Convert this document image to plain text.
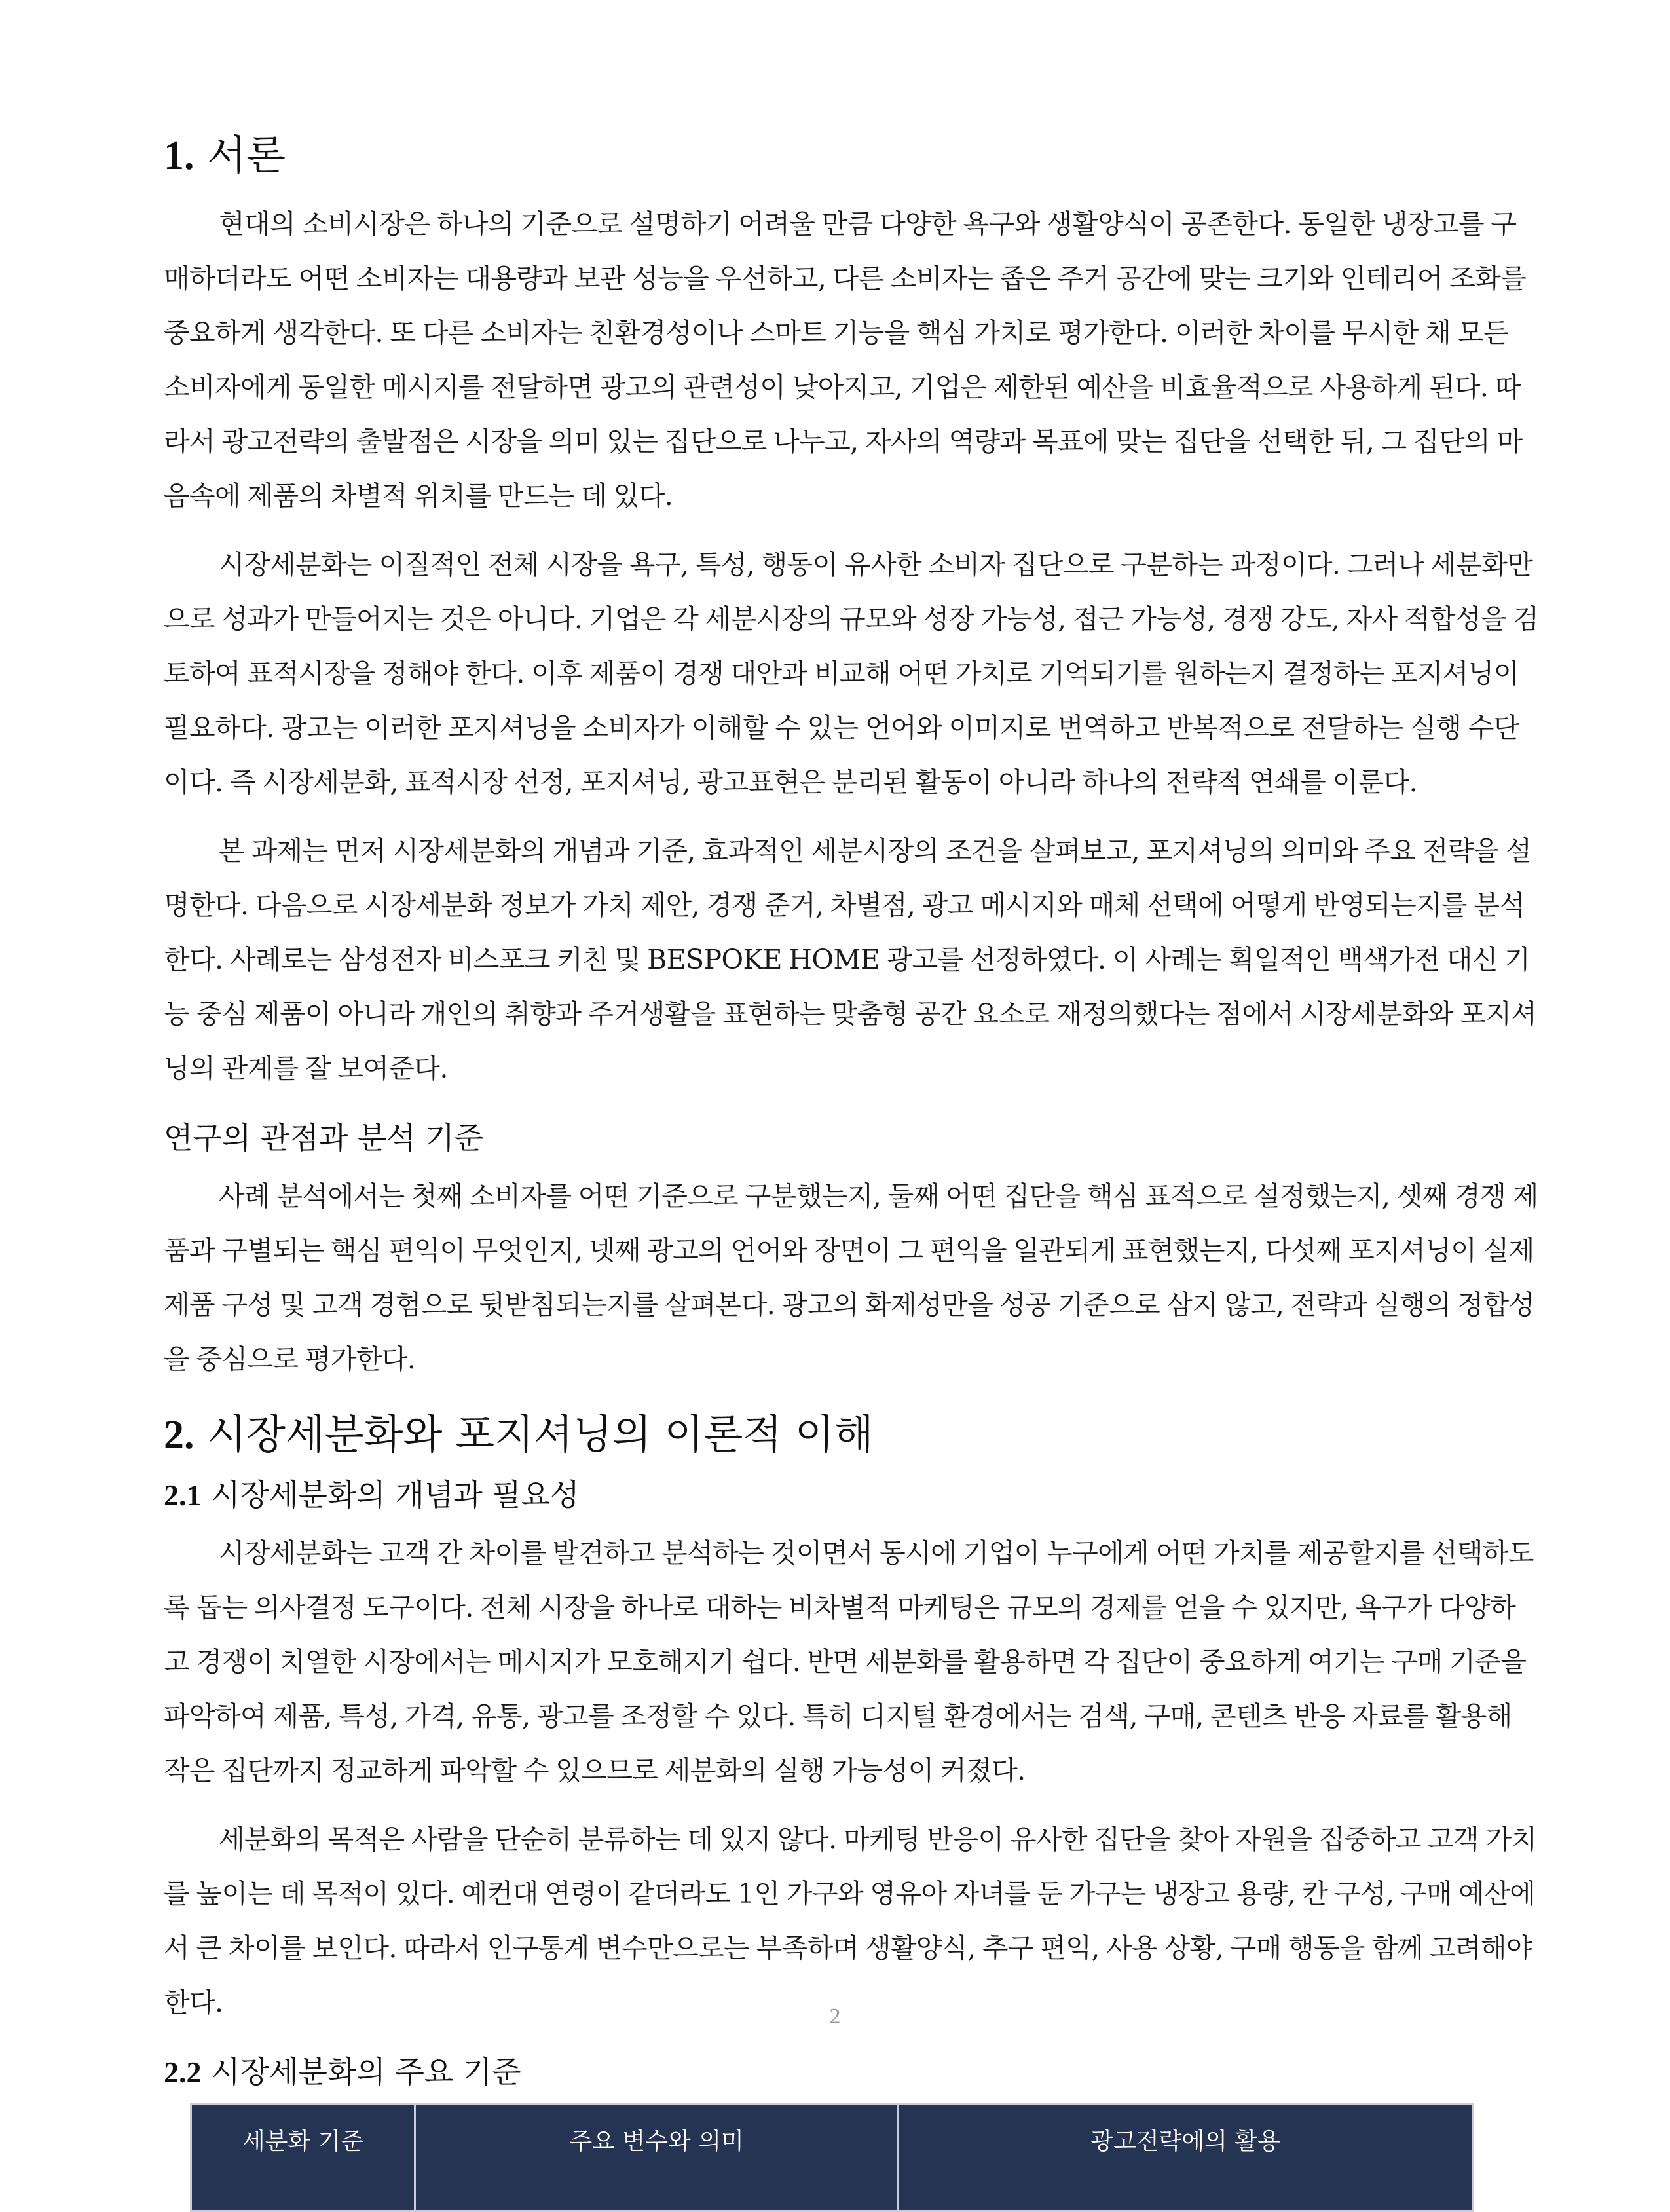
1. 서론

현대의 소비시장은 하나의 기준으로 설명하기 어려울 만큼 다양한 욕구와 생활양식이 공존한다. 동일한 냉장고를 구매하더라도 어떤 소비자는 대용량과 보관 성능을 우선하고, 다른 소비자는 좁은 주거 공간에 맞는 크기와 인테리어 조화를 중요하게 생각한다. 또 다른 소비자는 친환경성이나 스마트 기능을 핵심 가치로 평가한다. 이러한 차이를 무시한 채 모든 소비자에게 동일한 메시지를 전달하면 광고의 관련성이 낮아지고, 기업은 제한된 예산을 비효율적으로 사용하게 된다. 따라서 광고전략의 출발점은 시장을 의미 있는 집단으로 나누고, 자사의 역량과 목표에 맞는 집단을 선택한 뒤, 그 집단의 마음속에 제품의 차별적 위치를 만드는 데 있다.

시장세분화는 이질적인 전체 시장을 욕구, 특성, 행동이 유사한 소비자 집단으로 구분하는 과정이다. 그러나 세분화만으로 성과가 만들어지는 것은 아니다. 기업은 각 세분시장의 규모와 성장 가능성, 접근 가능성, 경쟁 강도, 자사 적합성을 검토하여 표적시장을 정해야 한다. 이후 제품이 경쟁 대안과 비교해 어떤 가치로 기억되기를 원하는지 결정하는 포지셔닝이 필요하다. 광고는 이러한 포지셔닝을 소비자가 이해할 수 있는 언어와 이미지로 번역하고 반복적으로 전달하는 실행 수단이다. 즉 시장세분화, 표적시장 선정, 포지셔닝, 광고표현은 분리된 활동이 아니라 하나의 전략적 연쇄를 이룬다.

본 과제는 먼저 시장세분화의 개념과 기준, 효과적인 세분시장의 조건을 살펴보고, 포지셔닝의 의미와 주요 전략을 설명한다. 다음으로 시장세분화 정보가 가치 제안, 경쟁 준거, 차별점, 광고 메시지와 매체 선택에 어떻게 반영되는지를 분석한다. 사례로는 삼성전자 비스포크 키친 및 BESPOKE HOME 광고를 선정하였다. 이 사례는 획일적인 백색가전 대신 기능 중심 제품이 아니라 개인의 취향과 주거생활을 표현하는 맞춤형 공간 요소로 재정의했다는 점에서 시장세분화와 포지셔닝의 관계를 잘 보여준다.

연구의 관점과 분석 기준

사례 분석에서는 첫째 소비자를 어떤 기준으로 구분했는지, 둘째 어떤 집단을 핵심 표적으로 설정했는지, 셋째 경쟁 제품과 구별되는 핵심 편익이 무엇인지, 넷째 광고의 언어와 장면이 그 편익을 일관되게 표현했는지, 다섯째 포지셔닝이 실제 제품 구성 및 고객 경험으로 뒷받침되는지를 살펴본다. 광고의 화제성만을 성공 기준으로 삼지 않고, 전략과 실행의 정합성을 중심으로 평가한다.

2. 시장세분화와 포지셔닝의 이론적 이해
2.1 시장세분화의 개념과 필요성

시장세분화는 고객 간 차이를 발견하고 분석하는 것이면서 동시에 기업이 누구에게 어떤 가치를 제공할지를 선택하도록 돕는 의사결정 도구이다. 전체 시장을 하나로 대하는 비차별적 마케팅은 규모의 경제를 얻을 수 있지만, 욕구가 다양하고 경쟁이 치열한 시장에서는 메시지가 모호해지기 쉽다. 반면 세분화를 활용하면 각 집단이 중요하게 여기는 구매 기준을 파악하여 제품, 특성, 가격, 유통, 광고를 조정할 수 있다. 특히 디지털 환경에서는 검색, 구매, 콘텐츠 반응 자료를 활용해 작은 집단까지 정교하게 파악할 수 있으므로 세분화의 실행 가능성이 커졌다.

세분화의 목적은 사람을 단순히 분류하는 데 있지 않다. 마케팅 반응이 유사한 집단을 찾아 자원을 집중하고 고객 가치를 높이는 데 목적이 있다. 예컨대 연령이 같더라도 1인 가구와 영유아 자녀를 둔 가구는 냉장고 용량, 칸 구성, 구매 예산에서 큰 차이를 보인다. 따라서 인구통계 변수만으로는 부족하며 생활양식, 추구 편익, 사용 상황, 구매 행동을 함께 고려해야 한다.

2.2 시장세분화의 주요 기준
세분화 기준	주요 변수와 의미	광고전략에의 활용
2
